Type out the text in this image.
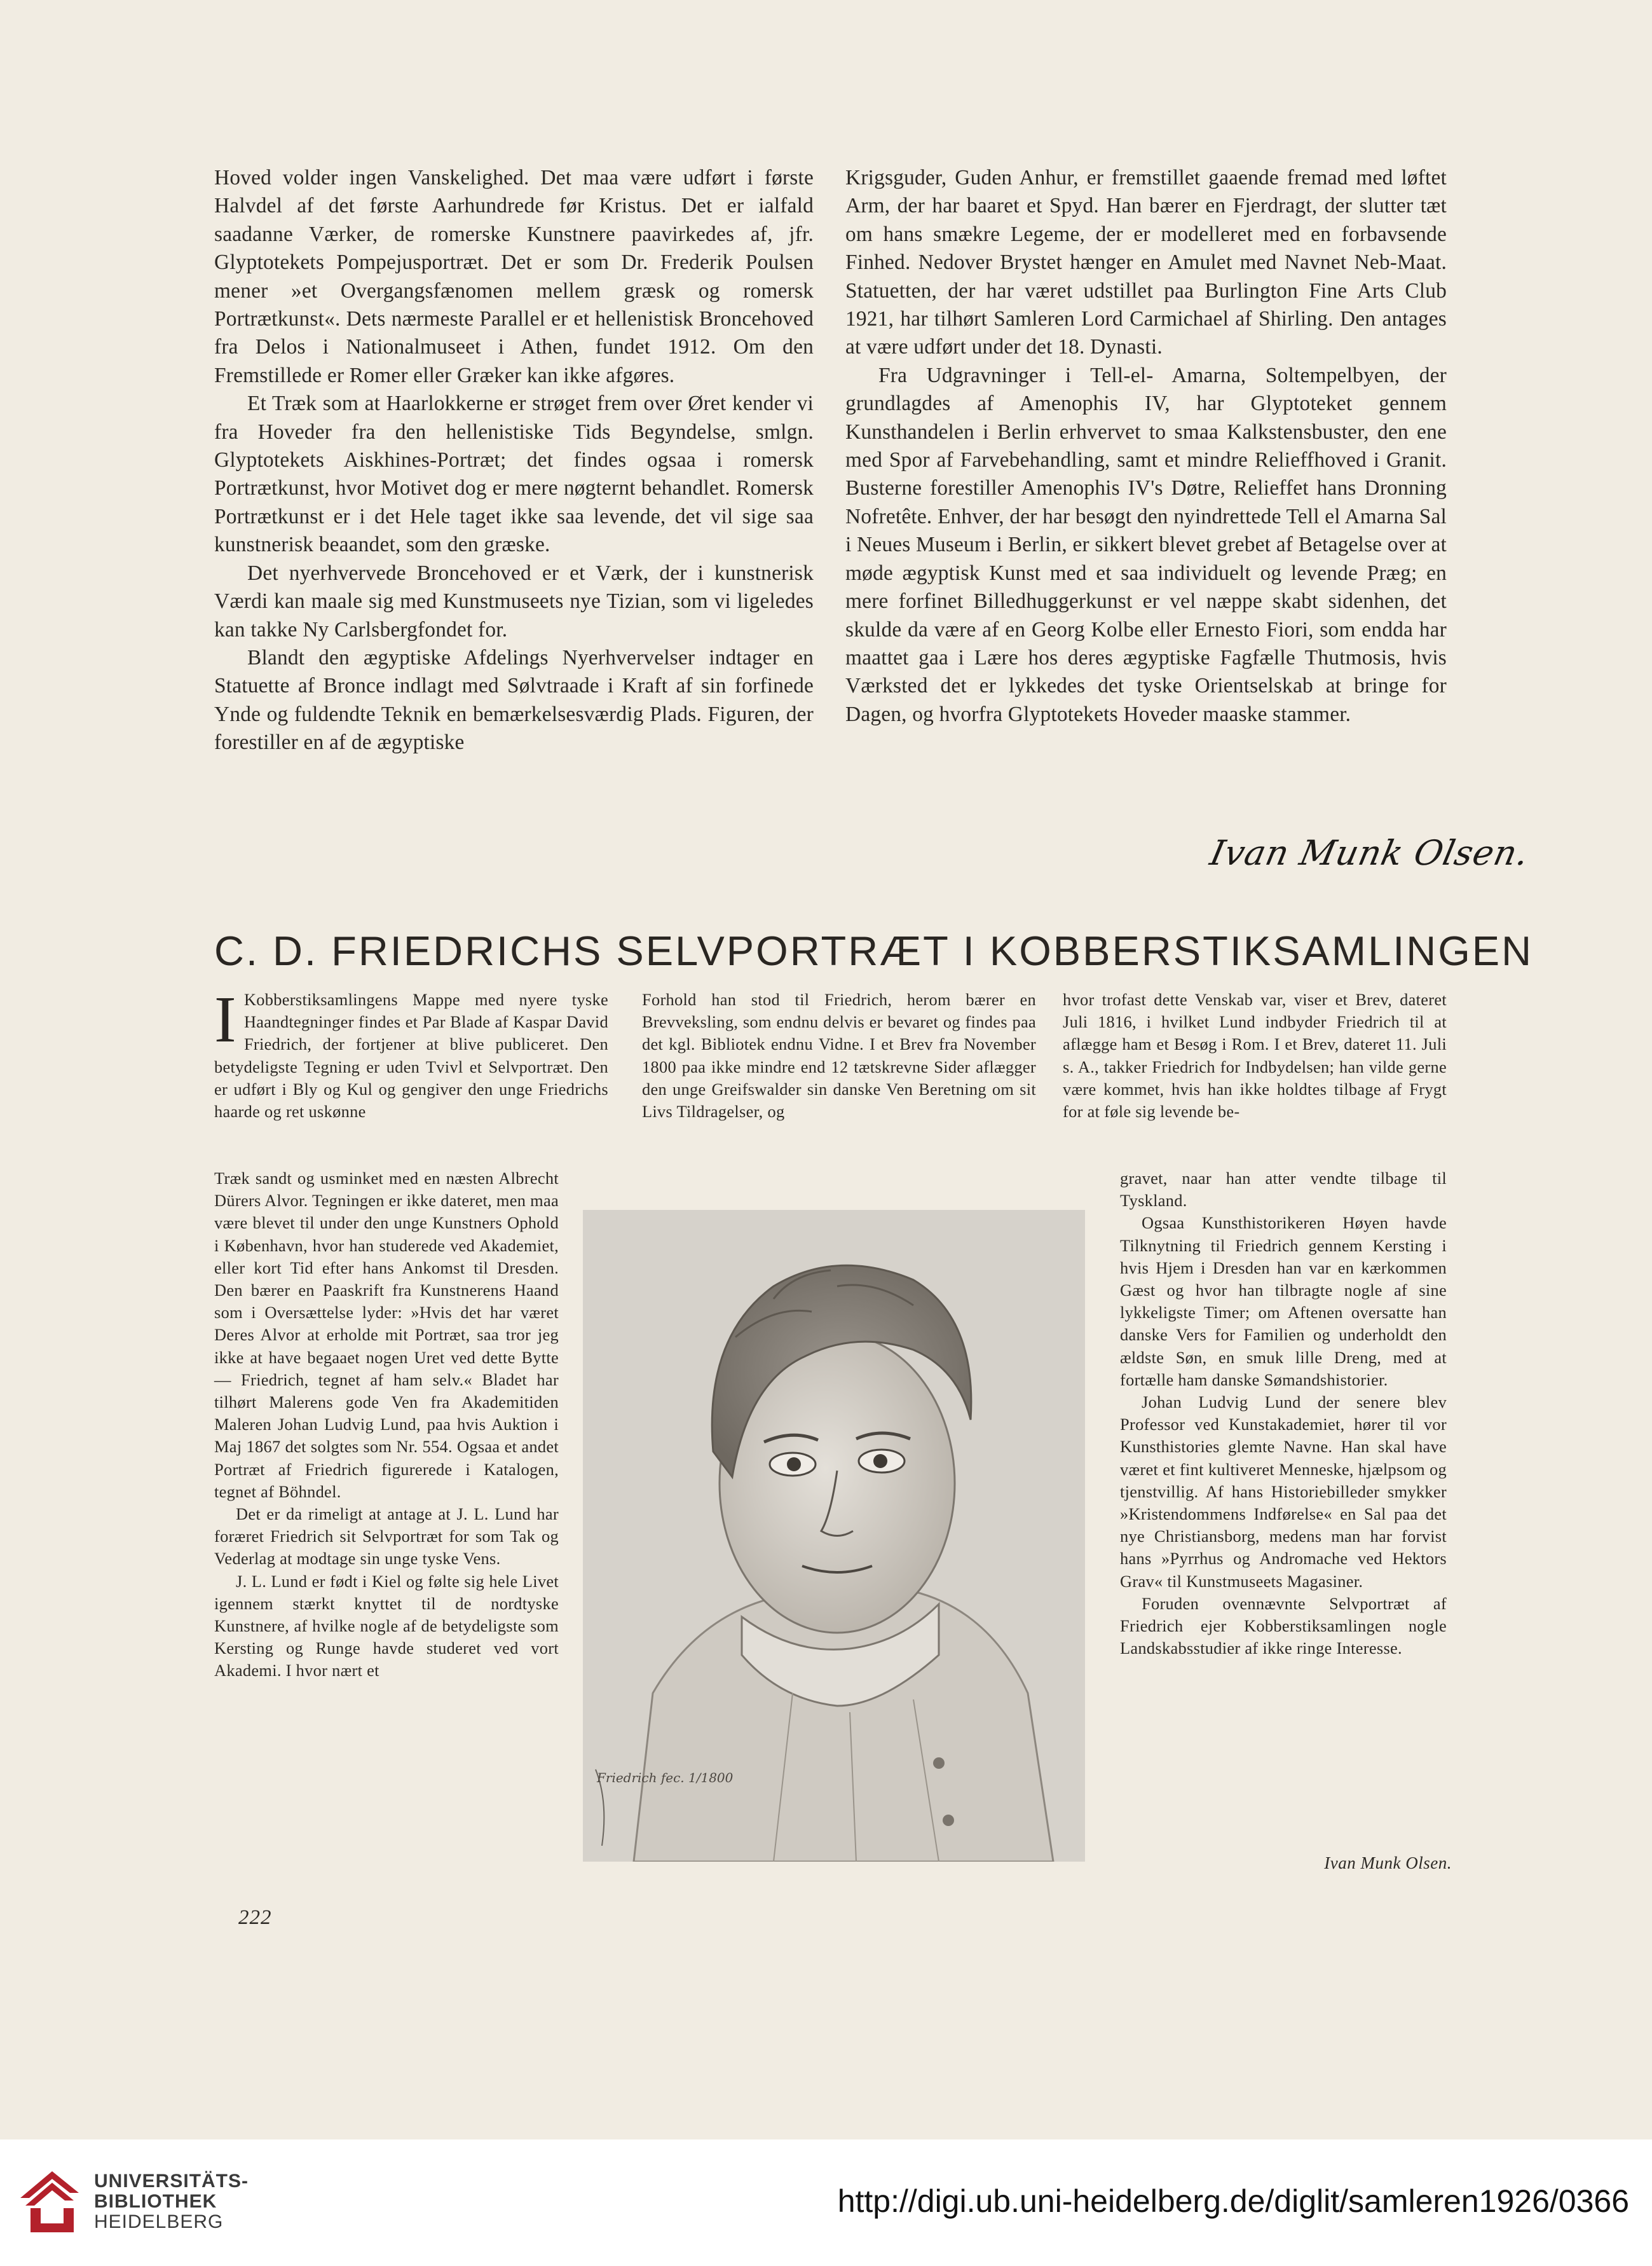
Hoved volder ingen Vanskelighed. Det maa være udført i første Halvdel af det første Aarhundrede før Kristus. Det er ialfald saadanne Værker, de romerske Kunstnere paavirkedes af, jfr. Glyptotekets Pompejusportræt. Det er som Dr. Frederik Poulsen mener »et Overgangsfænomen mellem græsk og romersk Portrætkunst«. Dets nærmeste Parallel er et hellenistisk Broncehoved fra Delos i Nationalmuseet i Athen, fundet 1912. Om den Fremstillede er Romer eller Græker kan ikke afgøres.

Et Træk som at Haarlokkerne er strøget frem over Øret kender vi fra Hoveder fra den hellenistiske Tids Begyndelse, smlgn. Glyptotekets Aiskhines-Portræt; det findes ogsaa i romersk Portrætkunst, hvor Motivet dog er mere nøgternt behandlet. Romersk Portrætkunst er i det Hele taget ikke saa levende, det vil sige saa kunstnerisk beaandet, som den græske.

Det nyerhvervede Broncehoved er et Værk, der i kunstnerisk Værdi kan maale sig med Kunstmuseets nye Tizian, som vi ligeledes kan takke Ny Carlsbergfondet for.

Blandt den ægyptiske Afdelings Nyerhvervelser indtager en Statuette af Bronce indlagt med Sølvtraade i Kraft af sin forfinede Ynde og fuldendte Teknik en bemærkelsesværdig Plads. Figuren, der forestiller en af de ægyptiske

Krigsguder, Guden Anhur, er fremstillet gaaende fremad med løftet Arm, der har baaret et Spyd. Han bærer en Fjerdragt, der slutter tæt om hans smækre Legeme, der er modelleret med en forbavsende Finhed. Nedover Brystet hænger en Amulet med Navnet Neb-Maat. Statuetten, der har været udstillet paa Burlington Fine Arts Club 1921, har tilhørt Samleren Lord Carmichael af Shirling. Den antages at være udført under det 18. Dynasti.

Fra Udgravninger i Tell-el- Amarna, Soltempelbyen, der grundlagdes af Amenophis IV, har Glyptoteket gennem Kunsthandelen i Berlin erhvervet to smaa Kalkstensbuster, den ene med Spor af Farvebehandling, samt et mindre Relieffhoved i Granit. Busterne forestiller Amenophis IV's Døtre, Relieffet hans Dronning Nofretête. Enhver, der har besøgt den nyindrettede Tell el Amarna Sal i Neues Museum i Berlin, er sikkert blevet grebet af Betagelse over at møde ægyptisk Kunst med et saa individuelt og levende Præg; en mere forfinet Billedhuggerkunst er vel næppe skabt sidenhen, det skulde da være af en Georg Kolbe eller Ernesto Fiori, som endda har maattet gaa i Lære hos deres ægyptiske Fagfælle Thutmosis, hvis Værksted det er lykkedes det tyske Orientselskab at bringe for Dagen, og hvorfra Glyptotekets Hoveder maaske stammer.

Ivan Munk Olsen.
C. D. FRIEDRICHS SELVPORTRÆT I KOBBERSTIKSAMLINGEN
I Kobberstiksamlingens Mappe med nyere tyske Haandtegninger findes et Par Blade af Kaspar David Friedrich, der fortjener at blive publiceret. Den betydeligste Tegning er uden Tvivl et Selvportræt. Den er udført i Bly og Kul og gengiver den unge Friedrichs haarde og ret uskønne

Træk sandt og usminket med en næsten Albrecht Dürers Alvor. Tegningen er ikke dateret, men maa være blevet til under den unge Kunstners Ophold i København, hvor han studerede ved Akademiet, eller kort Tid efter hans Ankomst til Dresden. Den bærer en Paaskrift fra Kunstnerens Haand som i Oversættelse lyder: »Hvis det har været Deres Alvor at erholde mit Portræt, saa tror jeg ikke at have begaaet nogen Uret ved dette Bytte — Friedrich, tegnet af ham selv.« Bladet har tilhørt Malerens gode Ven fra Akademitiden Maleren Johan Ludvig Lund, paa hvis Auktion i Maj 1867 det solgtes som Nr. 554. Ogsaa et andet Portræt af Friedrich figurerede i Katalogen, tegnet af Böhndel.

Det er da rimeligt at antage at J. L. Lund har foræret Friedrich sit Selvportræt for som Tak og Vederlag at modtage sin unge tyske Vens.

J. L. Lund er født i Kiel og følte sig hele Livet igennem stærkt knyttet til de nordtyske Kunstnere, af hvilke nogle af de betydeligste som Kersting og Runge havde studeret ved vort Akademi. I hvor nært et

Forhold han stod til Friedrich, herom bærer en Brevveksling, som endnu delvis er bevaret og findes paa det kgl. Bibliotek endnu Vidne. I et Brev fra November 1800 paa ikke mindre end 12 tætskrevne Sider aflægger den unge Greifswalder sin danske Ven Beretning om sit Livs Tildragelser, og

hvor trofast dette Venskab var, viser et Brev, dateret Juli 1816, i hvilket Lund indbyder Friedrich til at aflægge ham et Besøg i Rom. I et Brev, dateret 11. Juli s. A., takker Friedrich for Indbydelsen; han vilde gerne være kommet, hvis han ikke holdtes tilbage af Frygt for at føle sig levende be-

gravet, naar han atter vendte tilbage til Tyskland.

Ogsaa Kunsthistorikeren Høyen havde Tilknytning til Friedrich gennem Kersting i hvis Hjem i Dresden han var en kærkommen Gæst og hvor han tilbragte nogle af sine lykkeligste Timer; om Aftenen oversatte han danske Vers for Familien og underholdt den ældste Søn, en smuk lille Dreng, med at fortælle ham danske Sømandshistorier.

Johan Ludvig Lund der senere blev Professor ved Kunstakademiet, hører til vor Kunsthistories glemte Navne. Han skal have været et fint kultiveret Menneske, hjælpsom og tjenstvillig. Af hans Historiebilleder smykker »Kristendommens Indførelse« en Sal paa det nye Christiansborg, medens man har forvist hans »Pyrrhus og Andromache ved Hektors Grav« til Kunstmuseets Magasiner.

Foruden ovennævnte Selvportræt af Friedrich ejer Kobberstiksamlingen nogle Landskabsstudier af ikke ringe Interesse.

Friedrich fec. 1/1800
Ivan Munk Olsen.
222
UNIVERSITÄTS-
BIBLIOTHEK
HEIDELBERG
http://digi.ub.uni-heidelberg.de/diglit/samleren1926/0366
